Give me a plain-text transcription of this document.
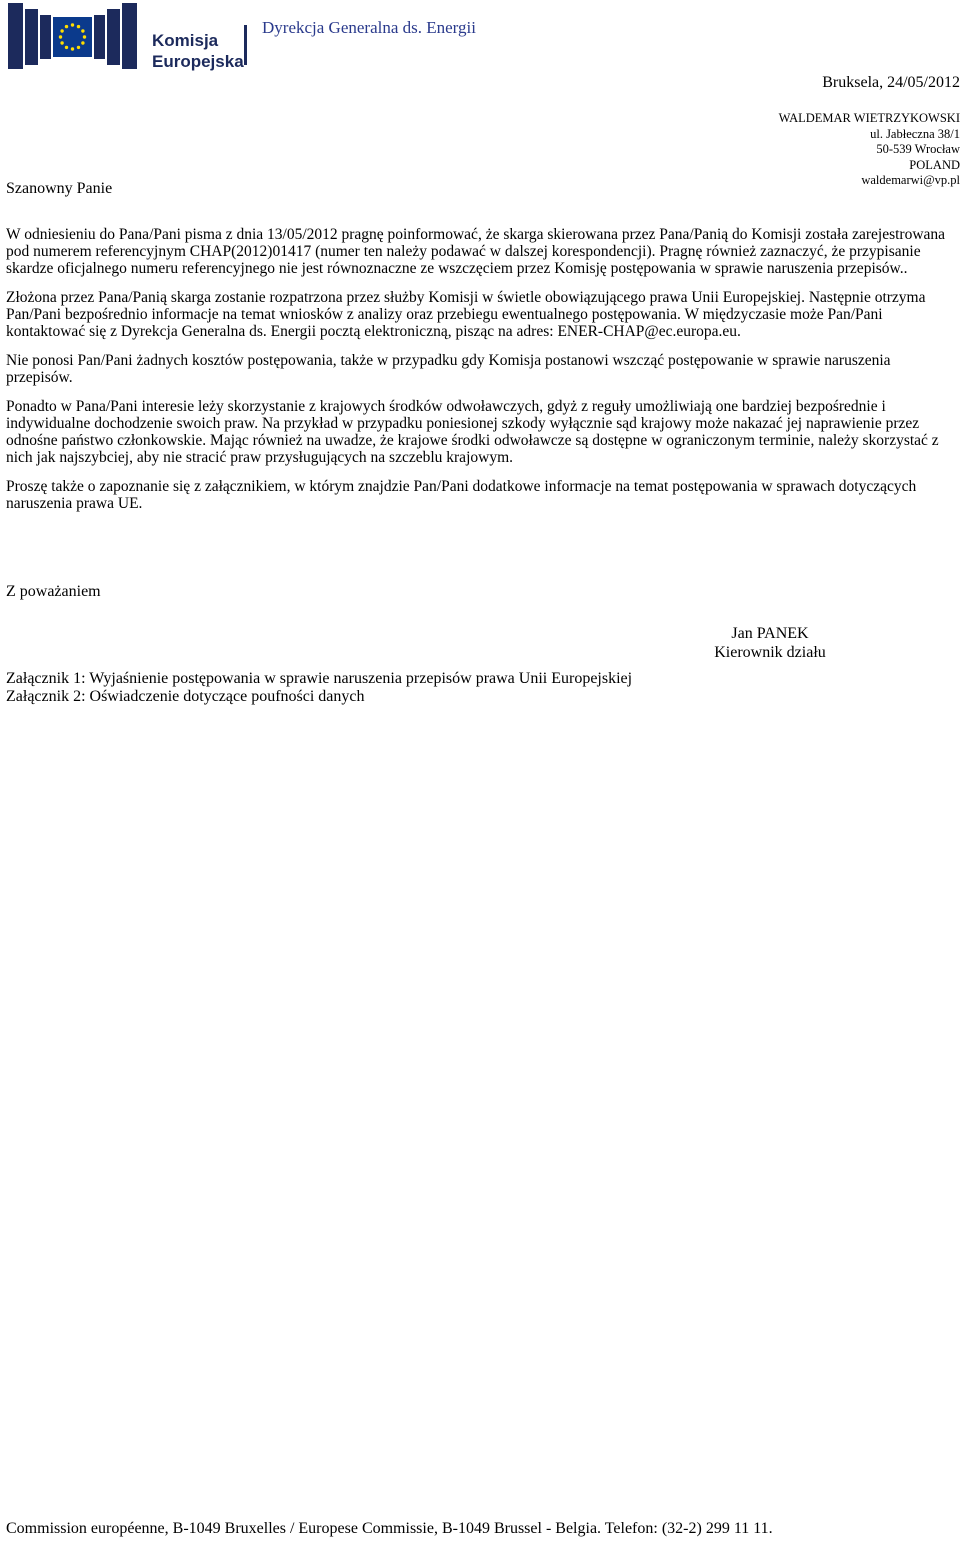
Komisja
Europejska
Dyrekcja Generalna ds. Energii
Bruksela, 24/05/2012
WALDEMAR WIETRZYKOWSKI
ul. Jabłeczna 38/1
50-539 Wrocław
POLAND
waldemarwi@vp.pl
Szanowny Panie

W odniesieniu do Pana/Pani pisma z dnia 13/05/2012 pragnę poinformować, że skarga skierowana przez Pana/Panią do Komisji została zarejestrowana pod numerem referencyjnym CHAP(2012)01417 (numer ten należy podawać w dalszej korespondencji). Pragnę również zaznaczyć, że przypisanie skardze oficjalnego numeru referencyjnego nie jest równoznaczne ze wszczęciem przez Komisję postępowania w sprawie naruszenia przepisów..

Złożona przez Pana/Panią skarga zostanie rozpatrzona przez służby Komisji w świetle obowiązującego prawa Unii Europejskiej. Następnie otrzyma Pan/Pani bezpośrednio informacje na temat wniosków z analizy oraz przebiegu ewentualnego postępowania. W międzyczasie może Pan/Pani kontaktować się z Dyrekcja Generalna ds. Energii pocztą elektroniczną, pisząc na adres: ENER-CHAP@ec.europa.eu.

Nie ponosi Pan/Pani żadnych kosztów postępowania, także w przypadku gdy Komisja postanowi wszcząć postępowanie w sprawie naruszenia przepisów.

Ponadto w Pana/Pani interesie leży skorzystanie z krajowych środków odwoławczych, gdyż z reguły umożliwiają one bardziej bezpośrednie i indywidualne dochodzenie swoich praw. Na przykład w przypadku poniesionej szkody wyłącznie sąd krajowy może nakazać jej naprawienie przez odnośne państwo członkowskie. Mając również na uwadze, że krajowe środki odwoławcze są dostępne w ograniczonym terminie, należy skorzystać z nich jak najszybciej, aby nie stracić praw przysługujących na szczeblu krajowym.

Proszę także o zapoznanie się z załącznikiem, w którym znajdzie Pan/Pani dodatkowe informacje na temat postępowania w sprawach dotyczących naruszenia prawa UE.

Z poważaniem
Jan PANEK
Kierownik działu
Załącznik 1: Wyjaśnienie postępowania w sprawie naruszenia przepisów prawa Unii Europejskiej
Załącznik 2: Oświadczenie dotyczące poufności danych
Commission européenne, B-1049 Bruxelles / Europese Commissie, B-1049 Brussel - Belgia. Telefon: (32-2) 299 11 11.
